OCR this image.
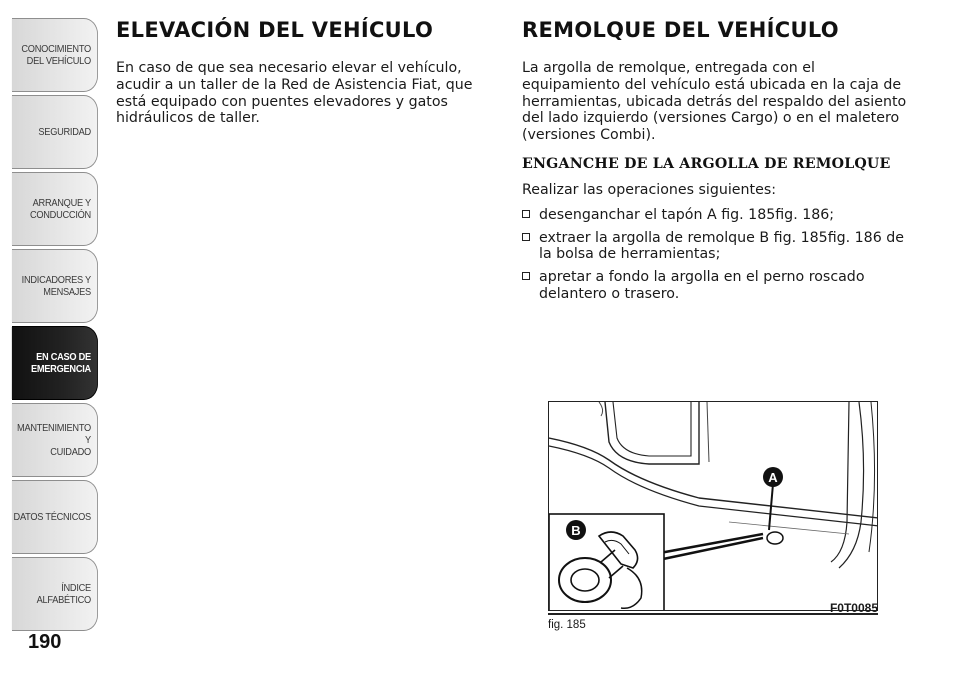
CONOCIMIENTO
DEL VEHÍCULO
SEGURIDAD
ARRANQUE Y
CONDUCCIÓN
INDICADORES Y
MENSAJES
EN CASO DE
EMERGENCIA
MANTENIMIENTO Y
CUIDADO
DATOS TÉCNICOS
ÍNDICE ALFABÉTICO
190
ELEVACIÓN DEL VEHÍCULO

En caso de que sea necesario elevar el vehículo, acudir a un taller de la Red de Asistencia Fiat, que está equipado con puentes elevadores y gatos hidráulicos de taller.

REMOLQUE DEL VEHÍCULO

La argolla de remolque, entregada con el equipamiento del vehículo está ubicada en la caja de herramientas, ubicada detrás del respaldo del asiento del lado izquierdo (versiones Cargo) o en el maletero (versiones Combi).

ENGANCHE DE LA ARGOLLA DE REMOLQUE

Realizar las operaciones siguientes:

desenganchar el tapón A fig. 185fig. 186;
extraer la argolla de remolque B fig. 185fig. 186 de la bolsa de herramientas;
apretar a fondo la argolla en el perno roscado delantero o trasero.
A
B
fig. 185
F0T0085
